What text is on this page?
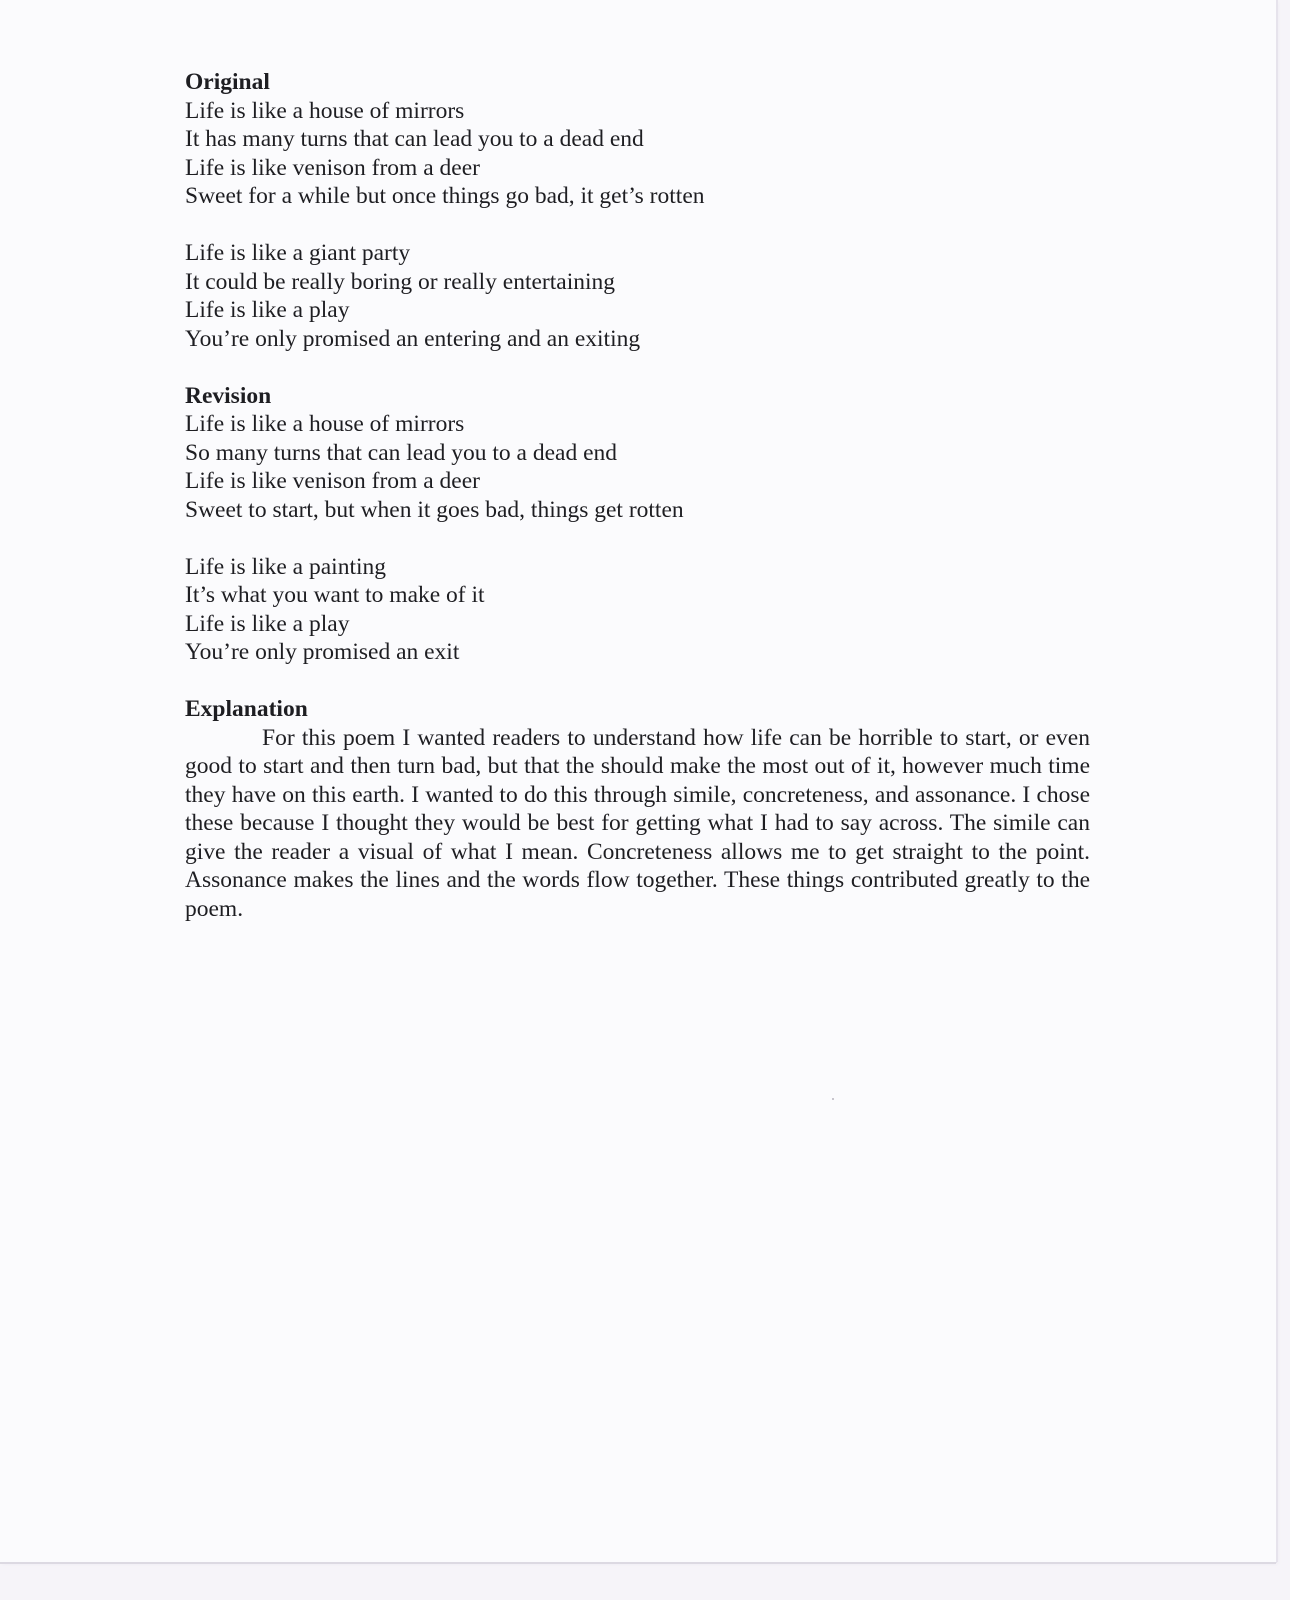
Original

Life is like a house of mirrors

It has many turns that can lead you to a dead end

Life is like venison from a deer

Sweet for a while but once things go bad, it get’s rotten

Life is like a giant party

It could be really boring or really entertaining

Life is like a play

You’re only promised an entering and an exiting

Revision

Life is like a house of mirrors

So many turns that can lead you to a dead end

Life is like venison from a deer

Sweet to start, but when it goes bad, things get rotten

Life is like a painting

It’s what you want to make of it

Life is like a play

You’re only promised an exit

Explanation

For this poem I wanted readers to understand how life can be horrible to start, or even good to start and then turn bad, but that the should make the most out of it, however much time they have on this earth. I wanted to do this through simile, concreteness, and assonance. I chose these because I thought they would be best for getting what I had to say across. The simile can give the reader a visual of what I mean. Concreteness allows me to get straight to the point. Assonance makes the lines and the words flow together. These things contributed greatly to the poem.
